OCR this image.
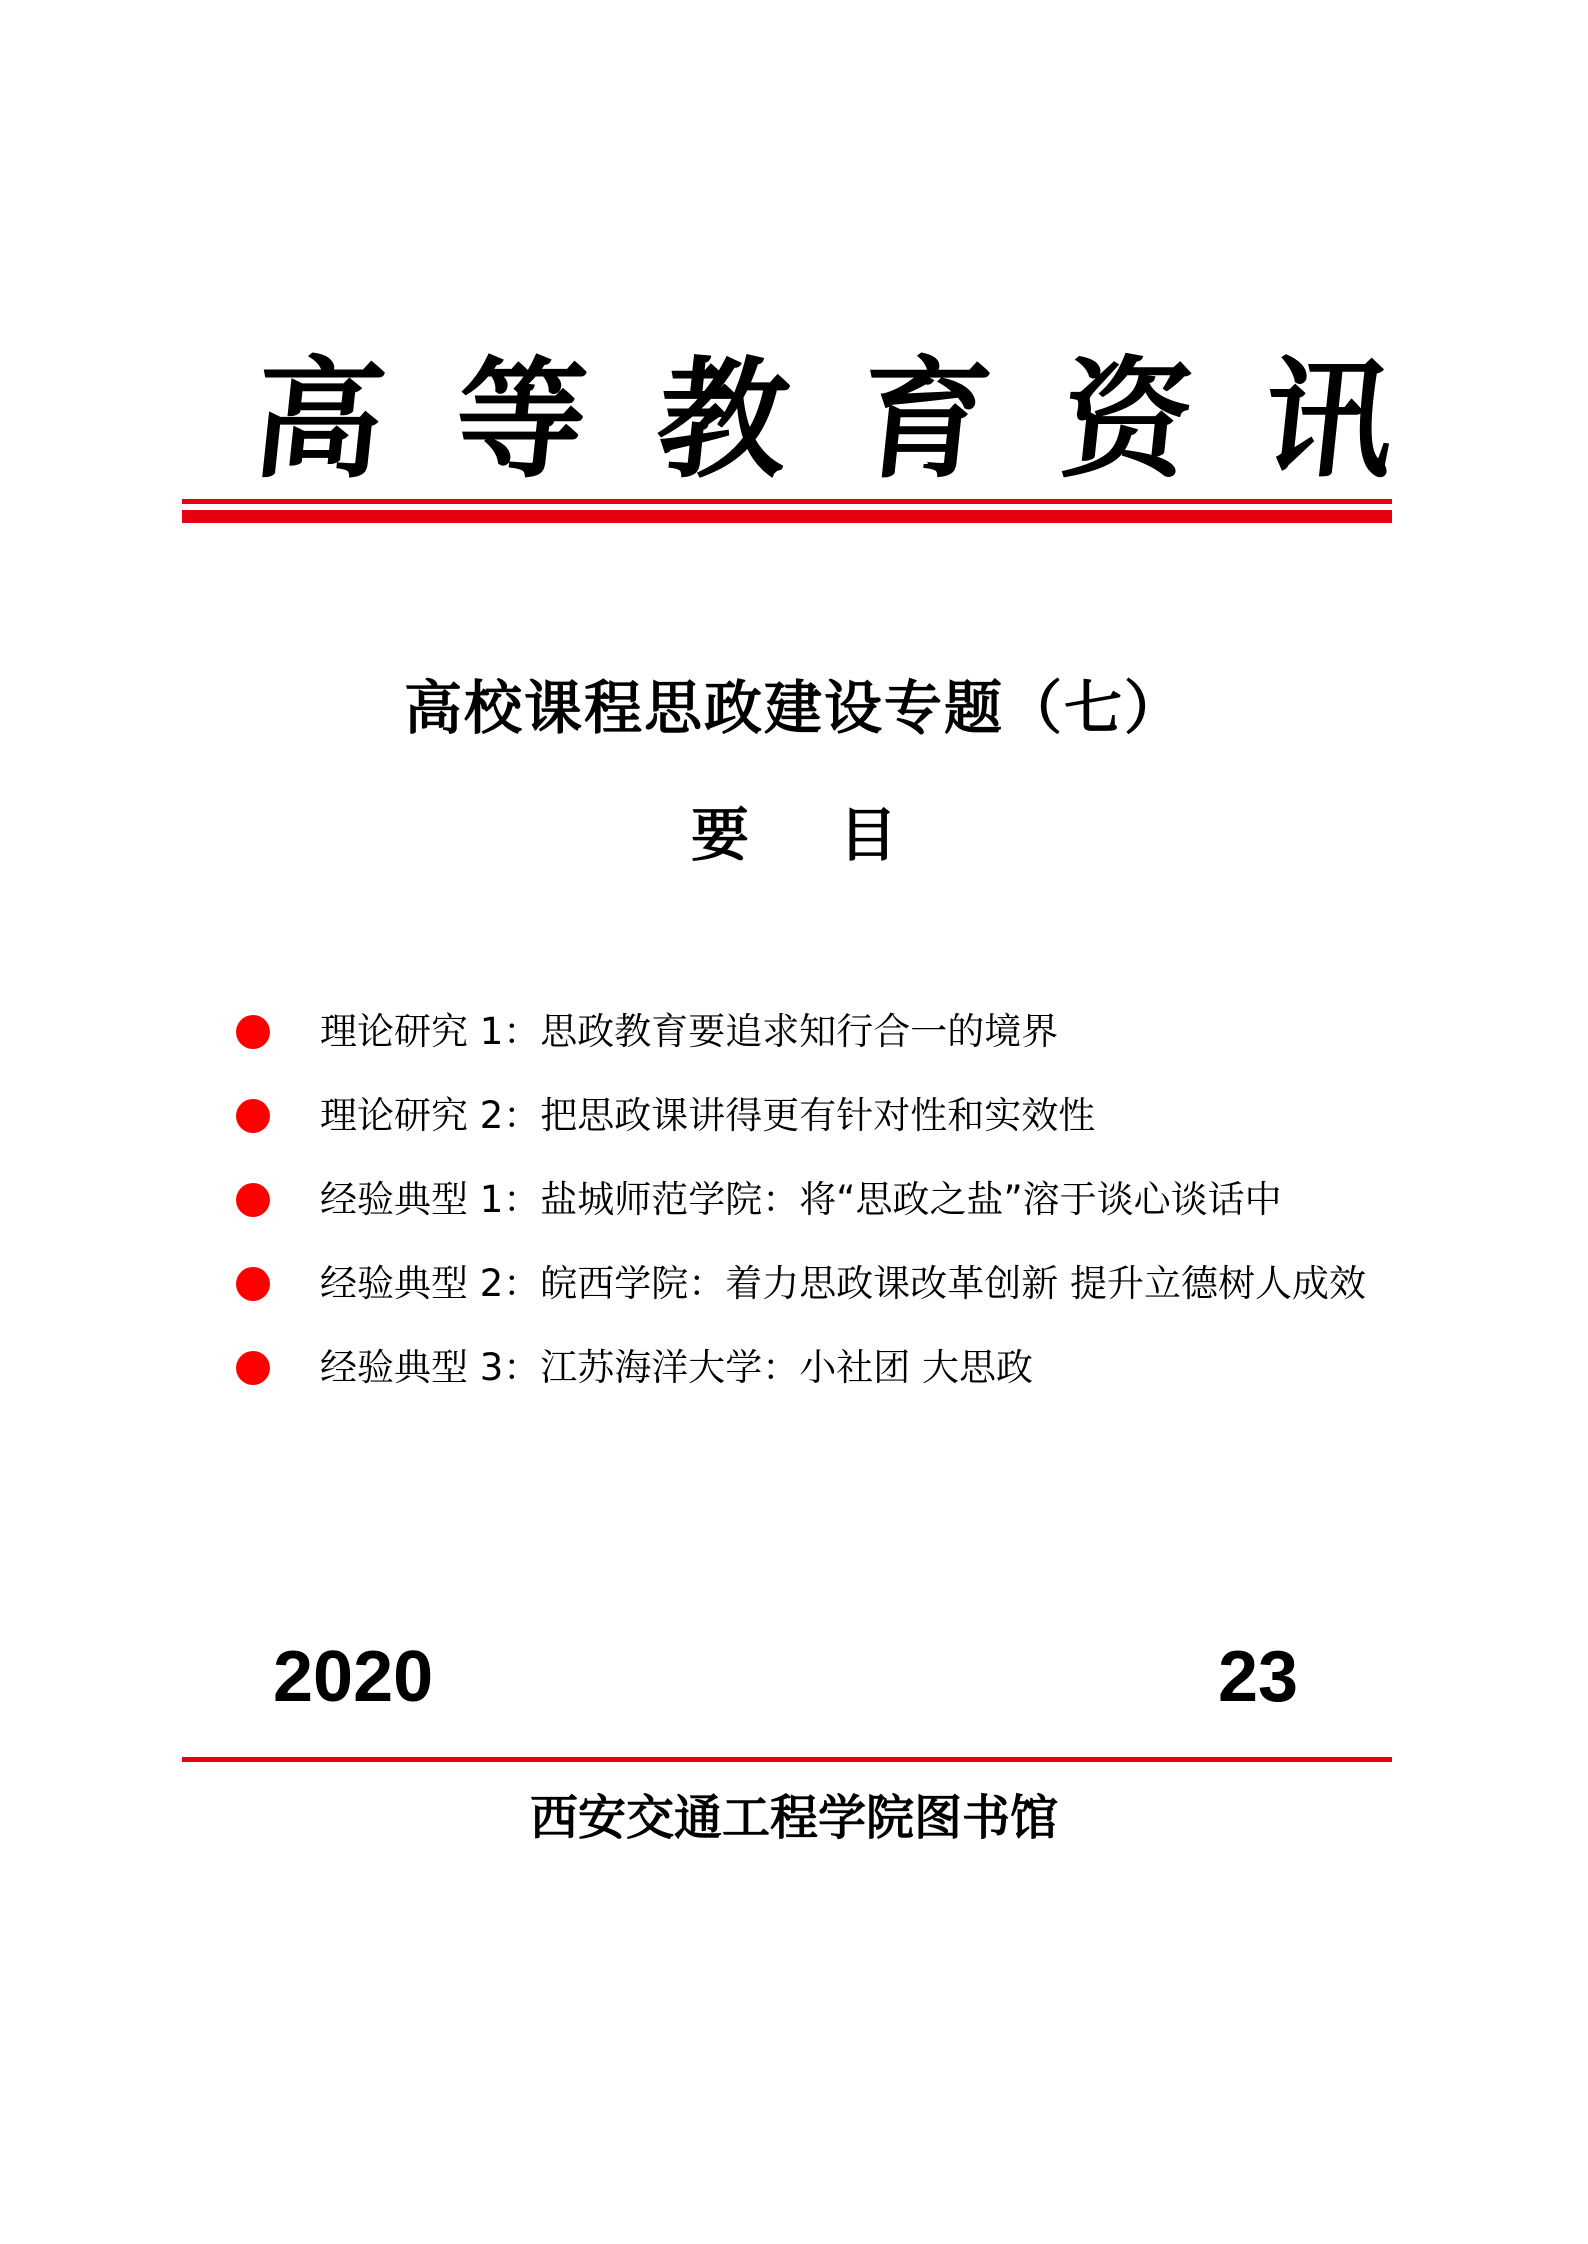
高等教育资讯
高校课程思政建设专题（七）
要目
理论研究 1：思政教育要追求知行合一的境界
理论研究 2：把思政课讲得更有针对性和实效性
经验典型 1：盐城师范学院：将“思政之盐”溶于谈心谈话中
经验典型 2：皖西学院：着力思政课改革创新 提升立德树人成效
经验典型 3：江苏海洋大学：小社团 大思政
2020	23
西安交通工程学院图书馆
